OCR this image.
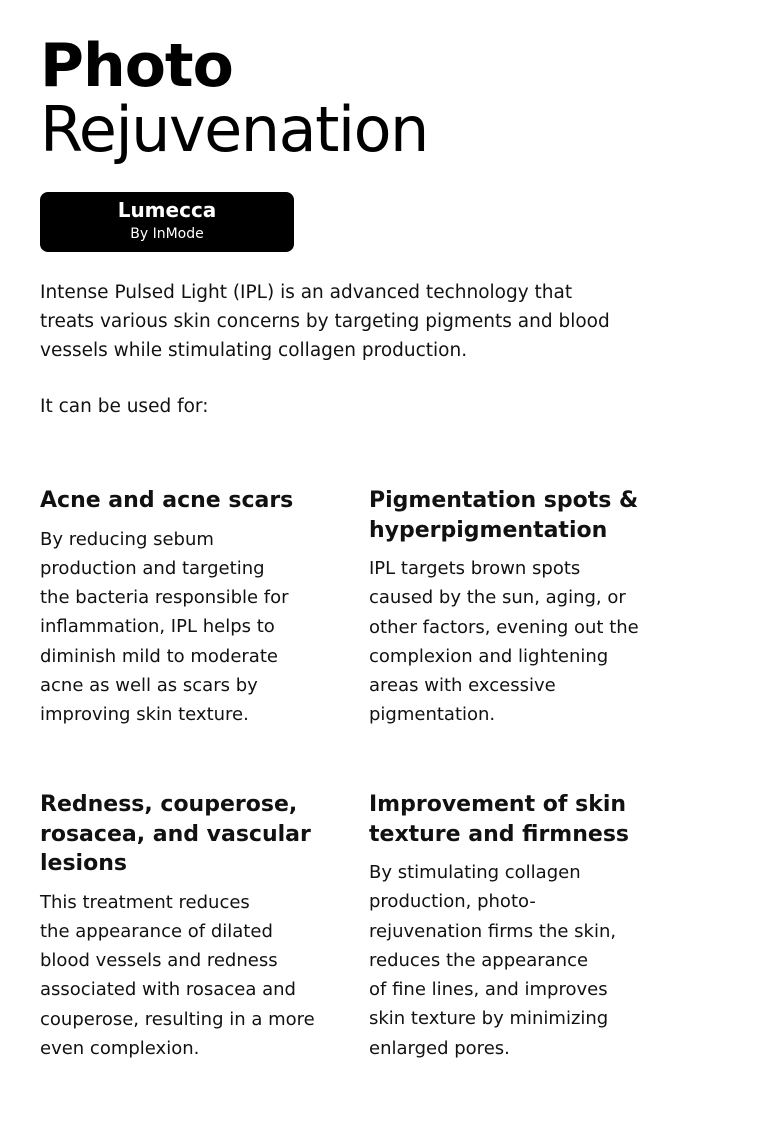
Photo
Rejuvenation
Lumecca
By InMode

Intense Pulsed Light (IPL) is an advanced technology that
treats various skin concerns by targeting pigments and blood
vessels while stimulating collagen production.

It can be used for:

Acne and acne scars

By reducing sebum
production and targeting
the bacteria responsible for
inflammation, IPL helps to
diminish mild to moderate
acne as well as scars by
improving skin texture.

Pigmentation spots &
hyperpigmentation

IPL targets brown spots
caused by the sun, aging, or
other factors, evening out the
complexion and lightening
areas with excessive
pigmentation.

Redness, couperose,
rosacea, and vascular
lesions

This treatment reduces
the appearance of dilated
blood vessels and redness
associated with rosacea and
couperose, resulting in a more
even complexion.

Improvement of skin
texture and firmness

By stimulating collagen
production, photo-
rejuvenation firms the skin,
reduces the appearance
of fine lines, and improves
skin texture by minimizing
enlarged pores.
